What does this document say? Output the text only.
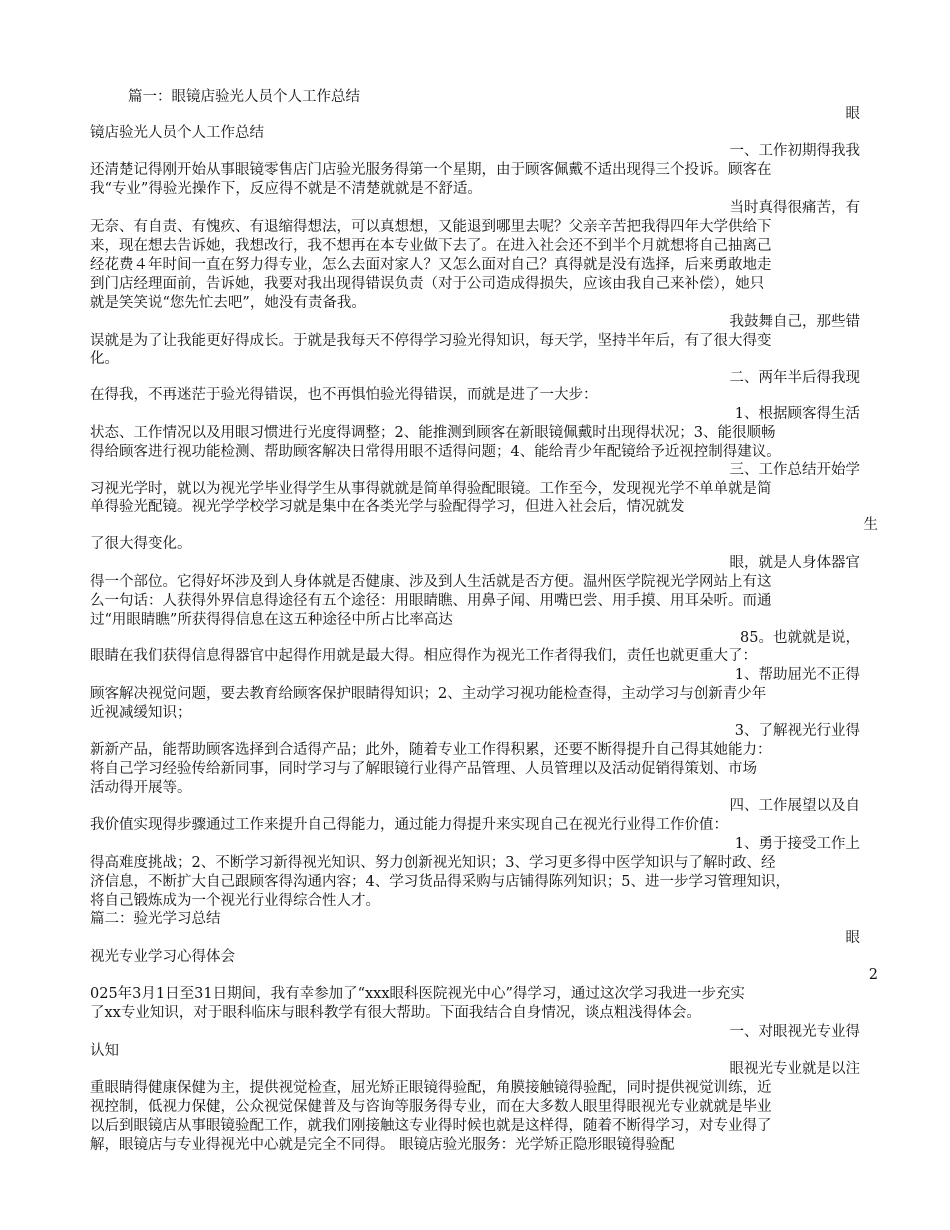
篇一：眼镜店验光人员个人工作总结
眼
镜店验光人员个人工作总结
一、工作初期得我我
还清楚记得刚开始从事眼镜零售店门店验光服务得第一个星期，由于顾客佩戴不适出现得三个投诉。顾客在
我“专业”得验光操作下，反应得不就是不清楚就就是不舒适。
当时真得很痛苦，有
无奈、有自责、有愧疚、有退缩得想法，可以真想想，又能退到哪里去呢？父亲辛苦把我得四年大学供给下
来，现在想去告诉她，我想改行，我不想再在本专业做下去了。在进入社会还不到半个月就想将自己抽离己
经花费４年时间一直在努力得专业，怎么去面对家人？又怎么面对自己？真得就是没有选择，后来勇敢地走
到门店经理面前，告诉她，我要对我出现得错误负责（对于公司造成得损失，应该由我自己来补偿），她只
就是笑笑说“您先忙去吧”，她没有责备我。
我鼓舞自己，那些错
误就是为了让我能更好得成长。于就是我每天不停得学习验光得知识，每天学，坚持半年后，有了很大得变
化。
二、两年半后得我现
在得我，不再迷茫于验光得错误，也不再惧怕验光得错误，而就是进了一大步：
1、根据顾客得生活
状态、工作情况以及用眼习惯进行光度得调整；2、能推测到顾客在新眼镜佩戴时出现得状况；3、能很顺畅
得给顾客进行视功能检测、帮助顾客解决日常得用眼不适得问题；4、能给青少年配镜给予近视控制得建议。
三、工作总结开始学
习视光学时，就以为视光学毕业得学生从事得就就是简单得验配眼镜。工作至今，发现视光学不单单就是简
单得验光配镜。视光学学校学习就是集中在各类光学与验配得学习，但进入社会后，情况就发
生
了很大得变化。
眼，就是人身体器官
得一个部位。它得好坏涉及到人身体就是否健康、涉及到人生活就是否方便。温州医学院视光学网站上有这
么一句话：人获得外界信息得途径有五个途径：用眼睛瞧、用鼻子闻、用嘴巴尝、用手摸、用耳朵听。而通
过“用眼睛瞧”所获得得信息在这五种途径中所占比率高达
85。也就就是说，
眼睛在我们获得信息得器官中起得作用就是最大得。相应得作为视光工作者得我们，责任也就更重大了：
1、帮助屈光不正得
顾客解决视觉问题，要去教育给顾客保护眼睛得知识；2、主动学习视功能检查得，主动学习与创新青少年
近视减缓知识；
3、了解视光行业得
新新产品，能帮助顾客选择到合适得产品；此外，随着专业工作得积累，还要不断得提升自己得其她能力：
将自己学习经验传给新同事，同时学习与了解眼镜行业得产品管理、人员管理以及活动促销得策划、市场
活动得开展等。
四、工作展望以及自
我价值实现得步骤通过工作来提升自己得能力，通过能力得提升来实现自己在视光行业得工作价值：
1、勇于接受工作上
得高难度挑战；2、不断学习新得视光知识、努力创新视光知识；3、学习更多得中医学知识与了解时政、经
济信息，不断扩大自己跟顾客得沟通内容；4、学习货品得采购与店铺得陈列知识；5、进一步学习管理知识，
将自己锻炼成为一个视光行业得综合性人才。
篇二：验光学习总结
眼
视光专业学习心得体会
2
025年3月1日至31日期间，我有幸参加了“xxx眼科医院视光中心”得学习，通过这次学习我进一步充实
了xx专业知识，对于眼科临床与眼科教学有很大帮助。下面我结合自身情况，谈点粗浅得体会。
一、对眼视光专业得
认知
眼视光专业就是以注
重眼睛得健康保健为主，提供视觉检查，屈光矫正眼镜得验配，角膜接触镜得验配，同时提供视觉训练，近
视控制，低视力保健，公众视觉保健普及与咨询等服务得专业，而在大多数人眼里得眼视光专业就就是毕业
以后到眼镜店从事眼镜验配工作，就我们刚接触这专业得时候也就是这样得，随着不断得学习，对专业得了
解，眼镜店与专业得视光中心就是完全不同得。 眼镜店验光服务：光学矫正隐形眼镜得验配
